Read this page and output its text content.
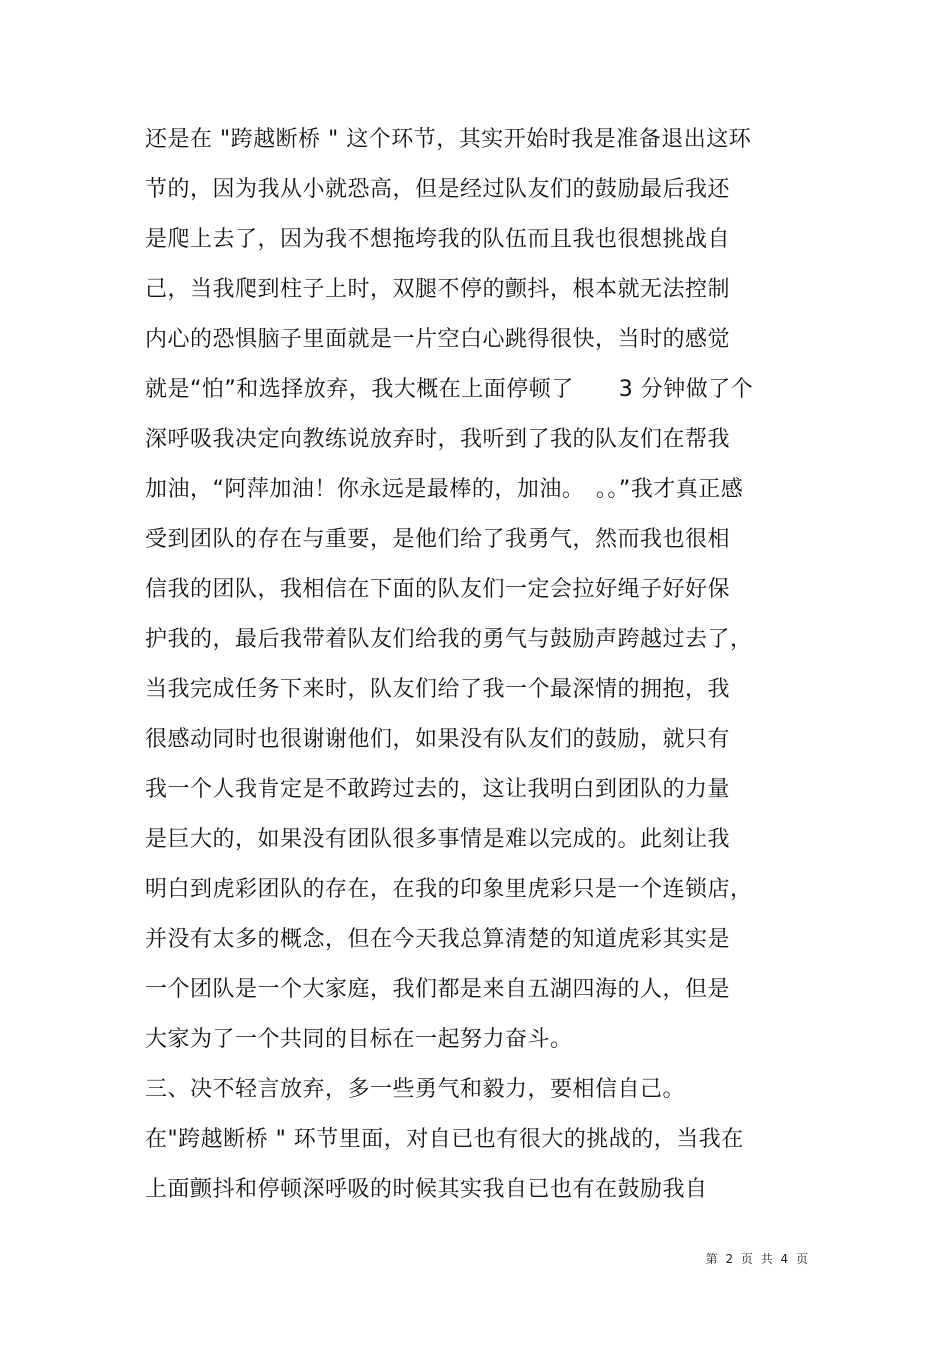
还是在 "跨越断桥 " 这个环节，其实开始时我是准备退出这环
节的，因为我从小就恐高，但是经过队友们的鼓励最后我还
是爬上去了，因为我不想拖垮我的队伍而且我也很想挑战自
己，当我爬到柱子上时，双腿不停的颤抖，根本就无法控制
内心的恐惧脑子里面就是一片空白心跳得很快，当时的感觉
就是“怕”和选择放弃，我大概在上面停顿了　　3 分钟做了个
深呼吸我决定向教练说放弃时，我听到了我的队友们在帮我
加油，“阿萍加油！你永远是最棒的，加油。　。。”我才真正感
受到团队的存在与重要，是他们给了我勇气，然而我也很相
信我的团队，我相信在下面的队友们一定会拉好绳子好好保
护我的，最后我带着队友们给我的勇气与鼓励声跨越过去了，
当我完成任务下来时，队友们给了我一个最深情的拥抱，我
很感动同时也很谢谢他们，如果没有队友们的鼓励，就只有
我一个人我肯定是不敢跨过去的，这让我明白到团队的力量
是巨大的，如果没有团队很多事情是难以完成的。此刻让我
明白到虎彩团队的存在，在我的印象里虎彩只是一个连锁店，
并没有太多的概念，但在今天我总算清楚的知道虎彩其实是
一个团队是一个大家庭，我们都是来自五湖四海的人，但是
大家为了一个共同的目标在一起努力奋斗。
三、决不轻言放弃，多一些勇气和毅力，要相信自己。
在"跨越断桥 " 环节里面，对自已也有很大的挑战的，当我在
上面颤抖和停顿深呼吸的时候其实我自已也有在鼓励我自
第 2 页 共 4 页
